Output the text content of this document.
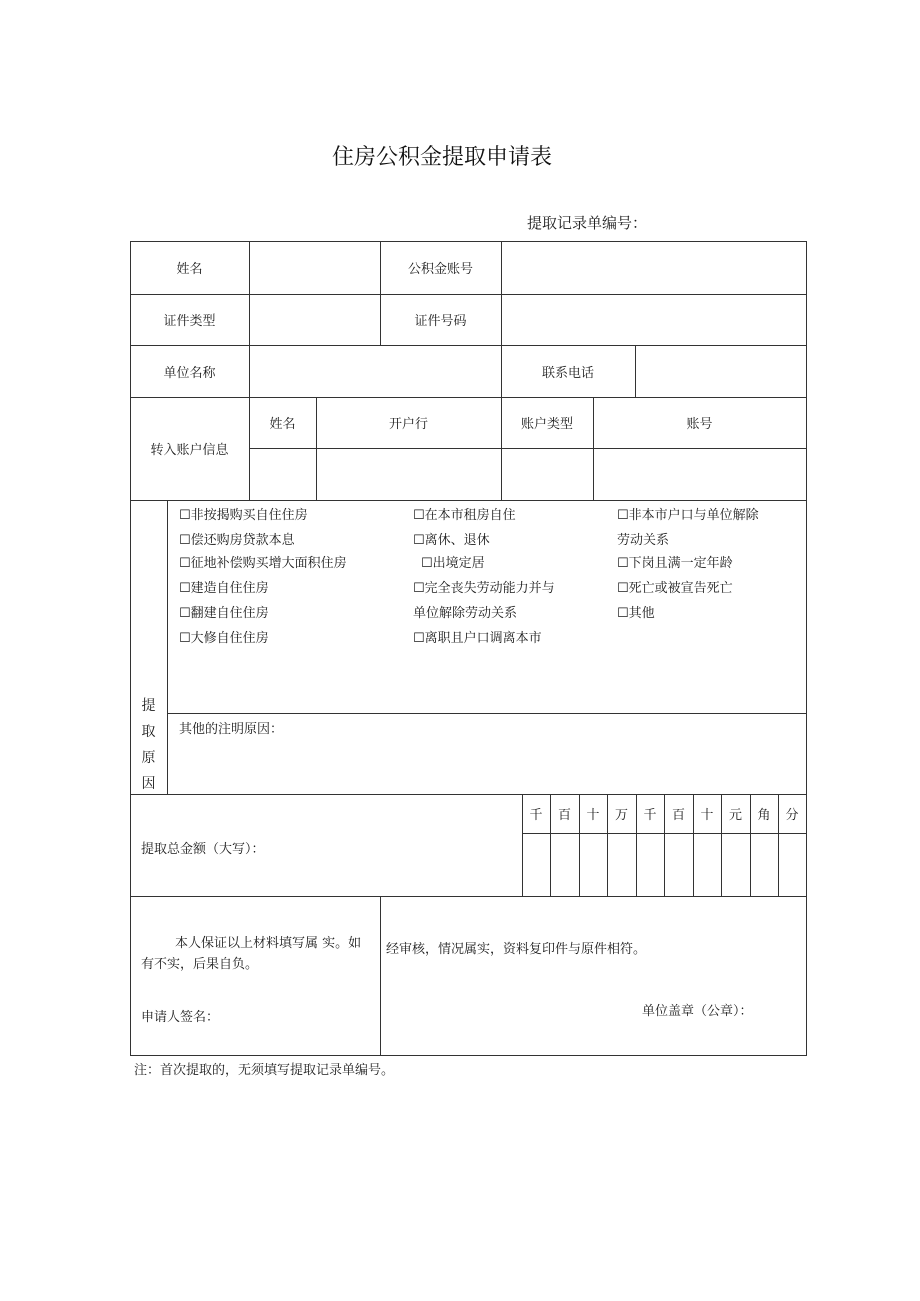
住房公积金提取申请表
提取记录单编号：
姓名	公积金账号
证件类型	证件号码
单位名称	联系电话
转入账户信息
姓名	开户行	账户类型	账号
提
取
原
因
☐非按揭购买自住住房
☐偿还购房贷款本息
☐征地补偿购买增大面积住房
☐建造自住住房
☐翻建自住住房
☐大修自住住房
☐在本市租房自住
☐离休、退休
☐出境定居
☐完全丧失劳动能力并与
单位解除劳动关系
☐离职且户口调离本市
☐非本市户口与单位解除
劳动关系
☐下岗且满一定年龄
☐死亡或被宣告死亡
☐其他
其他的注明原因：
提取总金额（大写）：
千	百	十	万	千	百	十	元	角	分
本人保证以上材料填写属 实。如
有不实，后果自负。
申请人签名：
经审核，情况属实，资料复印件与原件相符。
单位盖章（公章）：
注：首次提取的，无须填写提取记录单编号。
